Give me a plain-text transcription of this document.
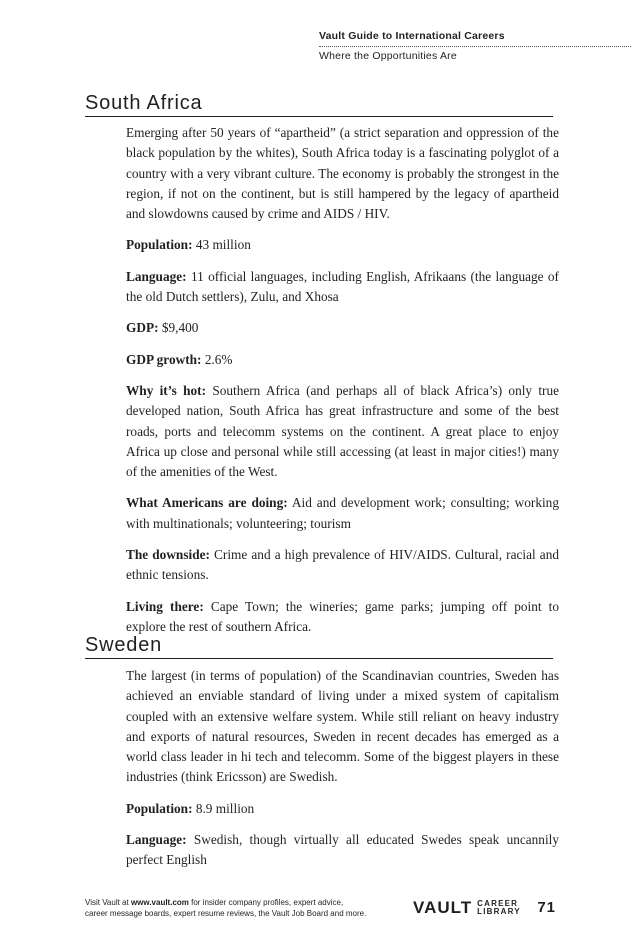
Vault Guide to International Careers
Where the Opportunities Are
South Africa

Emerging after 50 years of “apartheid” (a strict separation and oppression of the black population by the whites), South Africa today is a fascinating polyglot of a country with a very vibrant culture. The economy is probably the strongest in the region, if not on the continent, but is still hampered by the legacy of apartheid and slowdowns caused by crime and AIDS / HIV.

Population: 43 million

Language: 11 official languages, including English, Afrikaans (the language of the old Dutch settlers), Zulu, and Xhosa

GDP: $9,400

GDP growth: 2.6%

Why it’s hot: Southern Africa (and perhaps all of black Africa’s) only true developed nation, South Africa has great infrastructure and some of the best roads, ports and telecomm systems on the continent. A great place to enjoy Africa up close and personal while still accessing (at least in major cities!) many of the amenities of the West.

What Americans are doing: Aid and development work; consulting; working with multinationals; volunteering; tourism

The downside: Crime and a high prevalence of HIV/AIDS. Cultural, racial and ethnic tensions.

Living there: Cape Town; the wineries; game parks; jumping off point to explore the rest of southern Africa.

Sweden

The largest (in terms of population) of the Scandinavian countries, Sweden has achieved an enviable standard of living under a mixed system of capitalism coupled with an extensive welfare system. While still reliant on heavy industry and exports of natural resources, Sweden in recent decades has emerged as a world class leader in hi tech and telecomm. Some of the biggest players in these industries (think Ericsson) are Swedish.

Population: 8.9 million

Language: Swedish, though virtually all educated Swedes speak uncannily perfect English

Visit Vault at www.vault.com for insider company profiles, expert advice,
career message boards, expert resume reviews, the Vault Job Board and more.	VAULT CAREER
LIBRARY 71
